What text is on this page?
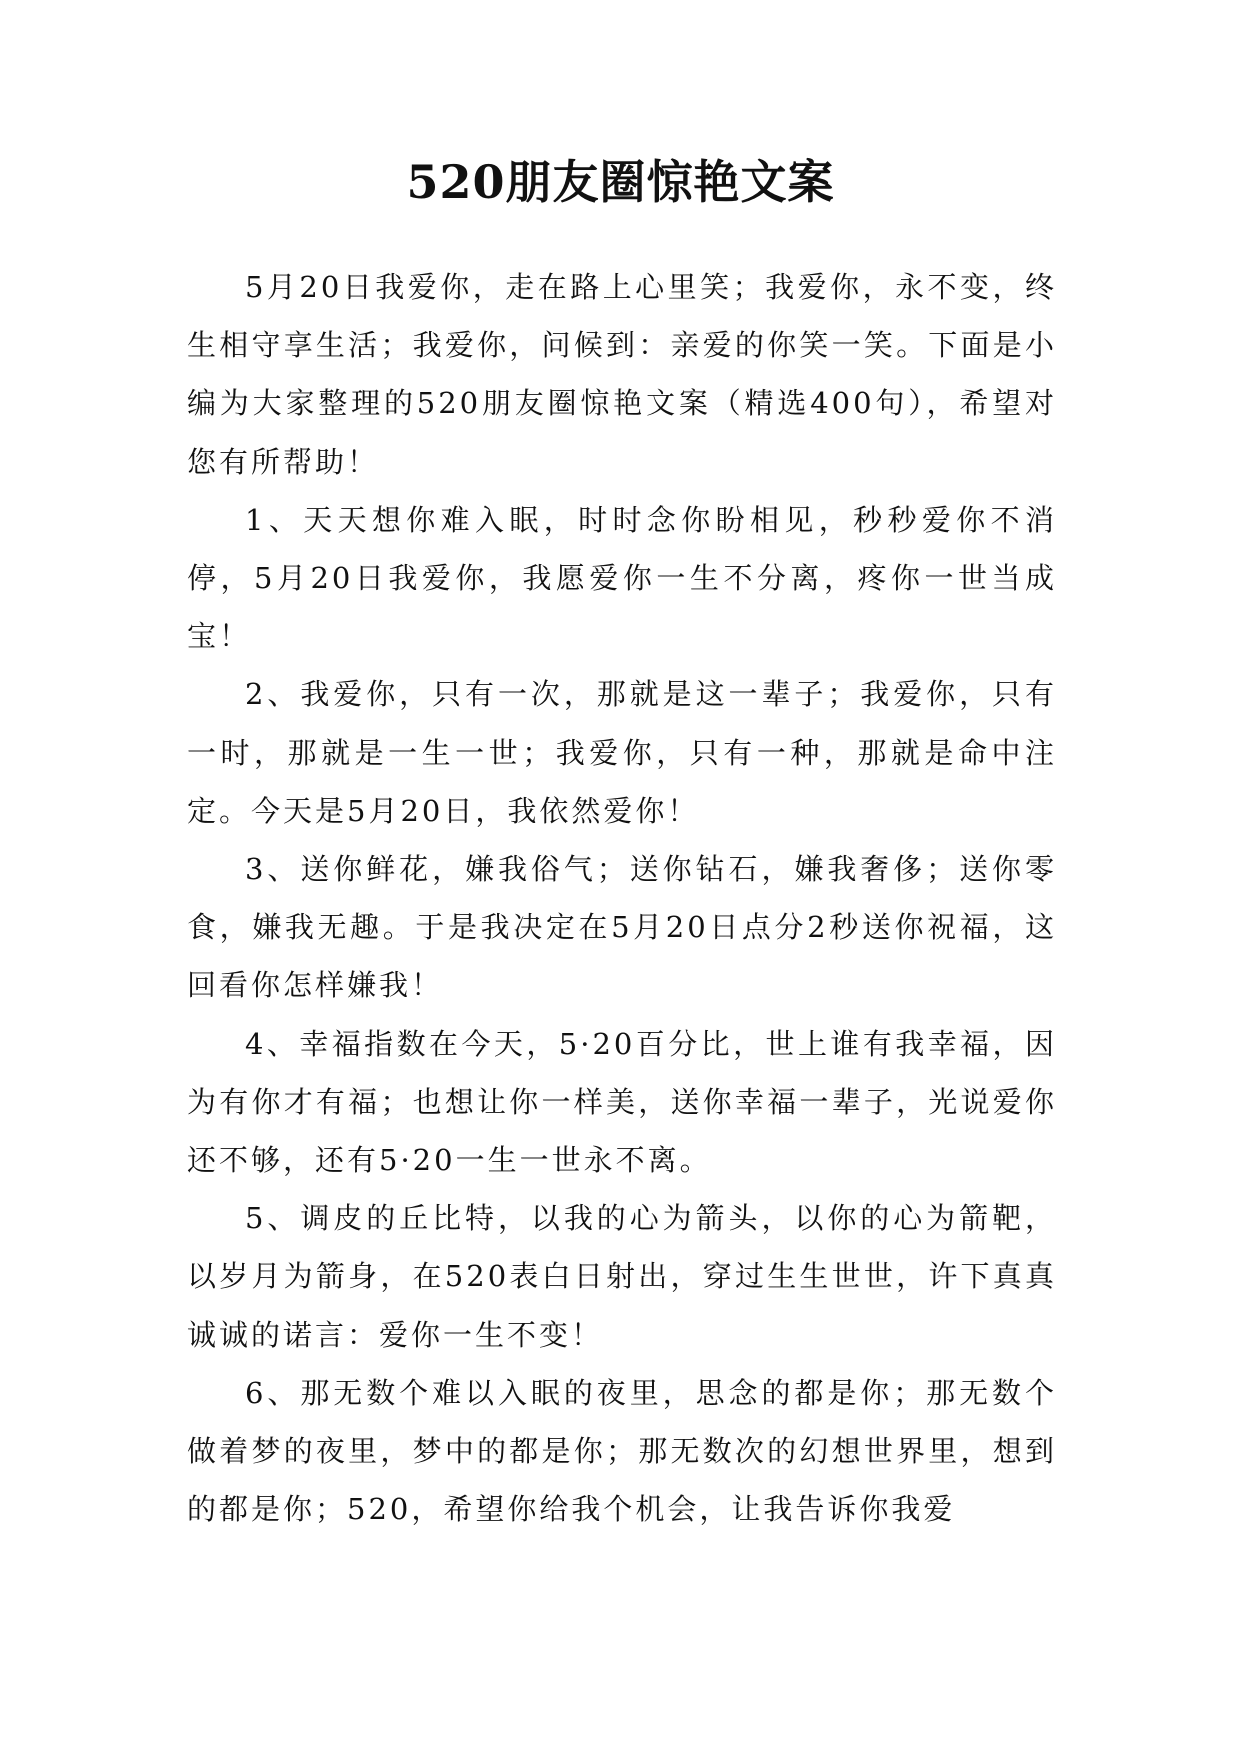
520朋友圈惊艳文案

5月20日我爱你，走在路上心里笑；我爱你，永不变，终生相守享生活；我爱你，问候到：亲爱的你笑一笑。下面是小编为大家整理的520朋友圈惊艳文案（精选400句），希望对您有所帮助！

1、天天想你难入眠，时时念你盼相见，秒秒爱你不消停，5月20日我爱你，我愿爱你一生不分离，疼你一世当成宝！

2、我爱你，只有一次，那就是这一辈子；我爱你，只有一时，那就是一生一世；我爱你，只有一种，那就是命中注定。今天是5月20日，我依然爱你！

3、送你鲜花，嫌我俗气；送你钻石，嫌我奢侈；送你零食，嫌我无趣。于是我决定在5月20日点分2秒送你祝福，这回看你怎样嫌我！

4、幸福指数在今天，5·20百分比，世上谁有我幸福，因为有你才有福；也想让你一样美，送你幸福一辈子，光说爱你还不够，还有5·20一生一世永不离。

5、调皮的丘比特，以我的心为箭头，以你的心为箭靶，以岁月为箭身，在520表白日射出，穿过生生世世，许下真真诚诚的诺言：爱你一生不变！

6、那无数个难以入眠的夜里，思念的都是你；那无数个做着梦的夜里，梦中的都是你；那无数次的幻想世界里，想到的都是你；520，希望你给我个机会，让我告诉你我爱
